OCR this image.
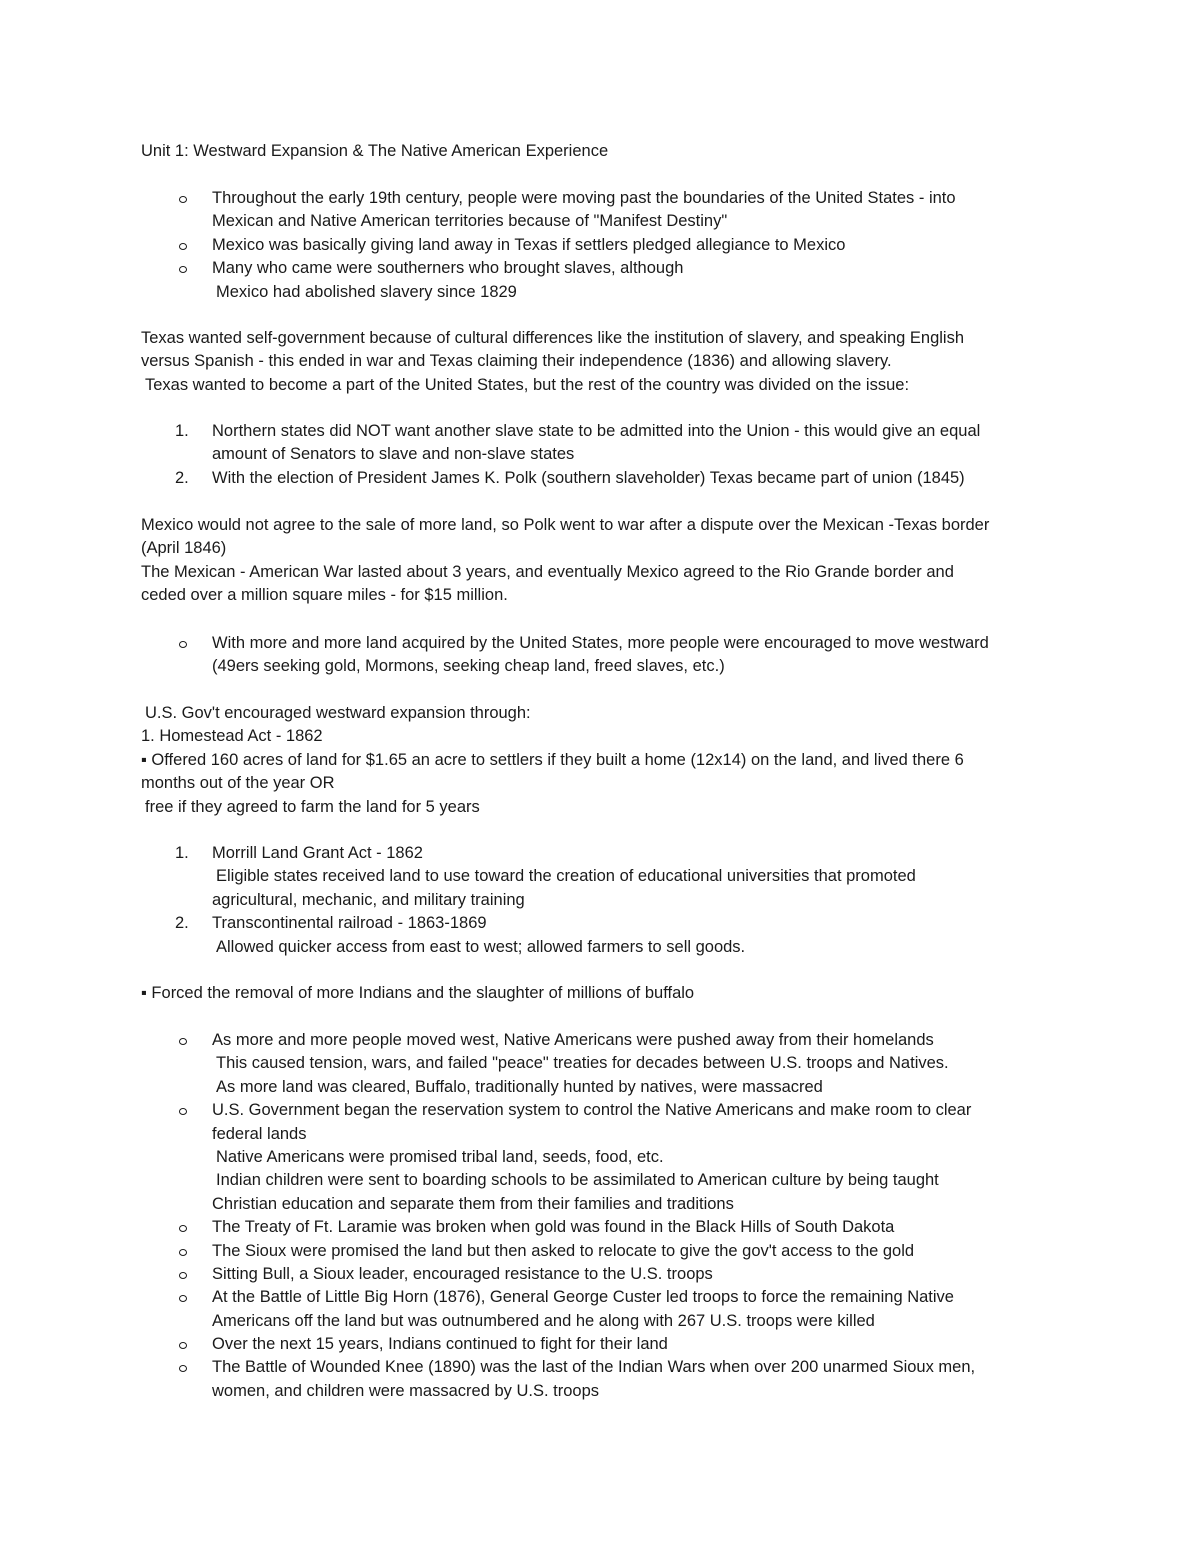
Unit 1: Westward Expansion & The Native American Experience
Throughout the early 19th century, people were moving past the boundaries of the United States - into
Mexican and Native American territories because of "Manifest Destiny"
Mexico was basically giving land away in Texas if settlers pledged allegiance to Mexico
Many who came were southerners who brought slaves, although
Mexico had abolished slavery since 1829
Texas wanted self-government because of cultural differences like the institution of slavery, and speaking English
versus Spanish - this ended in war and Texas claiming their independence (1836) and allowing slavery.
Texas wanted to become a part of the United States, but the rest of the country was divided on the issue:
1. Northern states did NOT want another slave state to be admitted into the Union - this would give an equal
amount of Senators to slave and non-slave states
2. With the election of President James K. Polk (southern slaveholder) Texas became part of union (1845)
Mexico would not agree to the sale of more land, so Polk went to war after a dispute over the Mexican -Texas border
(April 1846)
The Mexican - American War lasted about 3 years, and eventually Mexico agreed to the Rio Grande border and
ceded over a million square miles - for $15 million.
With more and more land acquired by the United States, more people were encouraged to move westward
(49ers seeking gold, Mormons, seeking cheap land, freed slaves, etc.)
U.S. Gov't encouraged westward expansion through:
1. Homestead Act - 1862
▪ Offered 160 acres of land for $1.65 an acre to settlers if they built a home (12x14) on the land, and lived there 6
months out of the year OR
free if they agreed to farm the land for 5 years
1. Morrill Land Grant Act - 1862
Eligible states received land to use toward the creation of educational universities that promoted
agricultural, mechanic, and military training
2. Transcontinental railroad - 1863-1869
Allowed quicker access from east to west; allowed farmers to sell goods.
▪ Forced the removal of more Indians and the slaughter of millions of buffalo
As more and more people moved west, Native Americans were pushed away from their homelands
This caused tension, wars, and failed "peace" treaties for decades between U.S. troops and Natives.
As more land was cleared, Buffalo, traditionally hunted by natives, were massacred
U.S. Government began the reservation system to control the Native Americans and make room to clear
federal lands
Native Americans were promised tribal land, seeds, food, etc.
Indian children were sent to boarding schools to be assimilated to American culture by being taught
Christian education and separate them from their families and traditions
The Treaty of Ft. Laramie was broken when gold was found in the Black Hills of South Dakota
The Sioux were promised the land but then asked to relocate to give the gov't access to the gold
Sitting Bull, a Sioux leader, encouraged resistance to the U.S. troops
At the Battle of Little Big Horn (1876), General George Custer led troops to force the remaining Native
Americans off the land but was outnumbered and he along with 267 U.S. troops were killed
Over the next 15 years, Indians continued to fight for their land
The Battle of Wounded Knee (1890) was the last of the Indian Wars when over 200 unarmed Sioux men,
women, and children were massacred by U.S. troops
